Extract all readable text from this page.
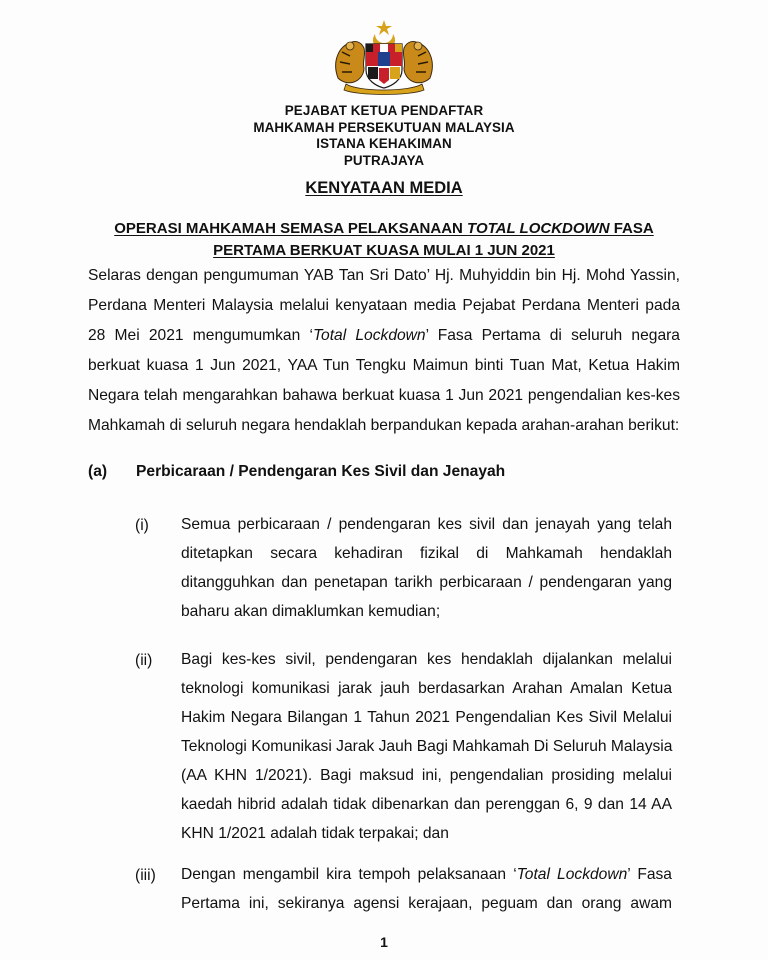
PEJABAT KETUA PENDAFTAR
MAHKAMAH PERSEKUTUAN MALAYSIA
ISTANA KEHAKIMAN
PUTRAJAYA
KENYATAAN MEDIA
OPERASI MAHKAMAH SEMASA PELAKSANAAN TOTAL LOCKDOWN FASA
PERTAMA BERKUAT KUASA MULAI 1 JUN 2021
Selaras dengan pengumuman YAB Tan Sri Dato’ Hj. Muhyiddin bin Hj. Mohd Yassin,
Perdana Menteri Malaysia melalui kenyataan media Pejabat Perdana Menteri pada
28 Mei 2021 mengumumkan ‘Total Lockdown’ Fasa Pertama di seluruh negara
berkuat kuasa 1 Jun 2021, YAA Tun Tengku Maimun binti Tuan Mat, Ketua Hakim
Negara telah mengarahkan bahawa berkuat kuasa 1 Jun 2021 pengendalian kes-kes
Mahkamah di seluruh negara hendaklah berpandukan kepada arahan-arahan berikut:
(a) Perbicaraan / Pendengaran Kes Sivil dan Jenayah
(i) Semua perbicaraan / pendengaran kes sivil dan jenayah yang telah
ditetapkan secara kehadiran fizikal di Mahkamah hendaklah
ditangguhkan dan penetapan tarikh perbicaraan / pendengaran yang
baharu akan dimaklumkan kemudian;
(ii) Bagi kes-kes sivil, pendengaran kes hendaklah dijalankan melalui
teknologi komunikasi jarak jauh berdasarkan Arahan Amalan Ketua
Hakim Negara Bilangan 1 Tahun 2021 Pengendalian Kes Sivil Melalui
Teknologi Komunikasi Jarak Jauh Bagi Mahkamah Di Seluruh Malaysia
(AA KHN 1/2021). Bagi maksud ini, pengendalian prosiding melalui
kaedah hibrid adalah tidak dibenarkan dan perenggan 6, 9 dan 14 AA
KHN 1/2021 adalah tidak terpakai; dan
(iii) Dengan mengambil kira tempoh pelaksanaan ‘Total Lockdown’ Fasa
Pertama ini, sekiranya agensi kerajaan, peguam dan orang awam
1
